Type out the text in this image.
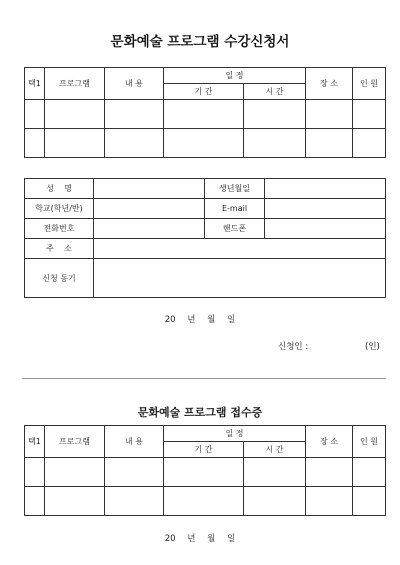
문화예술 프로그램 수강신청서
택1	프로그램	내 용	일 정		장 소	인 원
			기 간	시 간		

성    명		생년월일	
학교(학년/반)		E-mail	
전화번호		핸드폰	
주    소			
신청 동기			
20 년 월 일
신청인 :	(인)
문화예술 프로그램 접수증
택1	프로그램	내 용	일 정		장 소	인 원
			기 간	시 간		

20 년 월 일
